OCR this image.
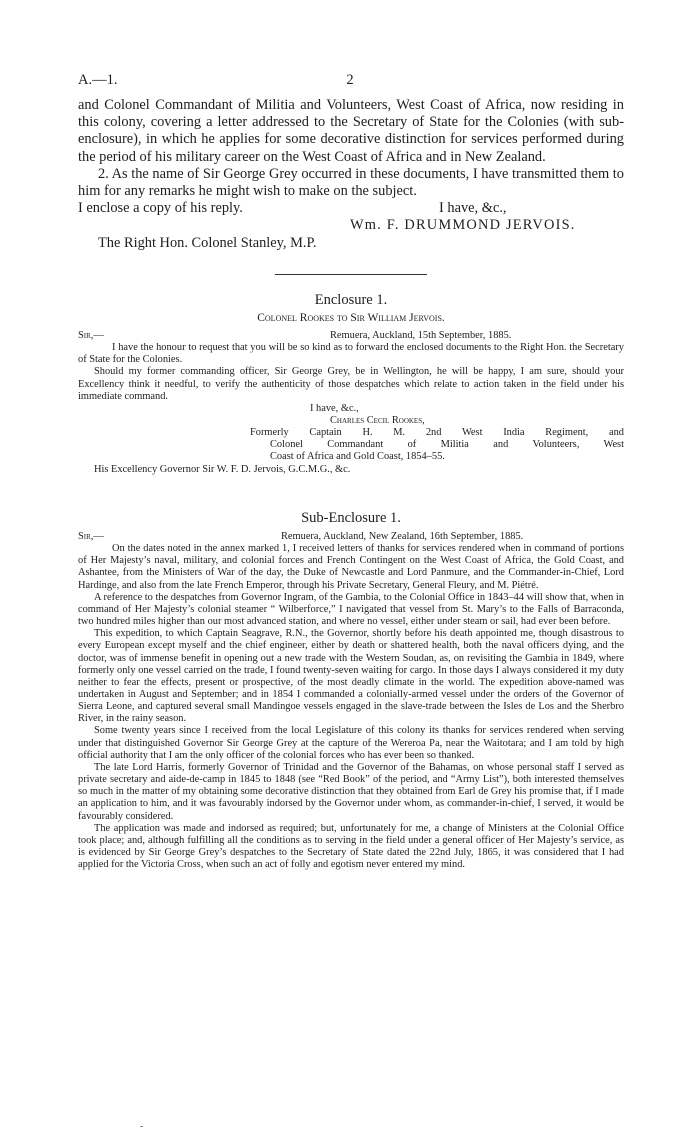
A.—1.	2

and Colonel Commandant of Militia and Volunteers, West Coast of Africa, now residing in this colony, covering a letter addressed to the Secretary of State for the Colonies (with sub-enclosure), in which he applies for some decorative distinction for services performed during the period of his military career on the West Coast of Africa and in New Zealand.

2. As the name of Sir George Grey occurred in these documents, I have transmitted them to him for any remarks he might wish to make on the subject.

I enclose a copy of his reply.	I have, &c.,
Wm. F. DRUMMOND JERVOIS.
The Right Hon. Colonel Stanley, M.P.
Enclosure 1.
Colonel Rookes to Sir William Jervois.
Sir,—	Remuera, Auckland, 15th September, 1885.

I have the honour to request that you will be so kind as to forward the enclosed documents to the Right Hon. the Secretary of State for the Colonies.

Should my former commanding officer, Sir George Grey, be in Wellington, he will be happy, I am sure, should your Excellency think it needful, to verify the authenticity of those despatches which relate to action taken in the field under his immediate command.

I have, &c.,
Charles Cecil Rookes,
Formerly Captain H. M. 2nd West India Regiment, and
Colonel Commandant of Militia and Volunteers, West
Coast of Africa and Gold Coast, 1854–55.
His Excellency Governor Sir W. F. D. Jervois, G.C.M.G., &c.
Sub-Enclosure 1.
Sir,—	Remuera, Auckland, New Zealand, 16th September, 1885.

On the dates noted in the annex marked 1, I received letters of thanks for services rendered when in command of portions of Her Majesty’s naval, military, and colonial forces and French Contingent on the West Coast of Africa, the Gold Coast, and Ashantee, from the Ministers of War of the day, the Duke of Newcastle and Lord Panmure, and the Commander-in-Chief, Lord Hardinge, and also from the late French Emperor, through his Private Secretary, General Fleury, and M. Piétré.

A reference to the despatches from Governor Ingram, of the Gambia, to the Colonial Office in 1843–44 will show that, when in command of Her Majesty’s colonial steamer “ Wilberforce,” I navigated that vessel from St. Mary’s to the Falls of Barraconda, two hundred miles higher than our most advanced station, and where no vessel, either under steam or sail, had ever been before.

This expedition, to which Captain Seagrave, R.N., the Governor, shortly before his death appointed me, though disastrous to every European except myself and the chief engineer, either by death or shattered health, both the naval officers dying, and the doctor, was of immense benefit in opening out a new trade with the Western Soudan, as, on revisiting the Gambia in 1849, where formerly only one vessel carried on the trade, I found twenty-seven waiting for cargo. In those days I always considered it my duty neither to fear the effects, present or prospective, of the most deadly climate in the world. The expedition above-named was undertaken in August and September; and in 1854 I commanded a colonially-armed vessel under the orders of the Governor of Sierra Leone, and captured several small Mandingoe vessels engaged in the slave-trade between the Isles de Los and the Sherbro River, in the rainy season.

Some twenty years since I received from the local Legislature of this colony its thanks for services rendered when serving under that distinguished Governor Sir George Grey at the capture of the Wereroa Pa, near the Waitotara; and I am told by high official authority that I am the only officer of the colonial forces who has ever been so thanked.

The late Lord Harris, formerly Governor of Trinidad and the Governor of the Bahamas, on whose personal staff I served as private secretary and aide-de-camp in 1845 to 1848 (see “Red Book” of the period, and “Army List”), both interested themselves so much in the matter of my obtaining some decorative distinction that they obtained from Earl de Grey his promise that, if I made an application to him, and it was favourably indorsed by the Governor under whom, as commander-in-chief, I served, it would be favourably considered.

The application was made and indorsed as required; but, unfortunately for me, a change of Ministers at the Colonial Office took place; and, although fulfilling all the conditions as to serving in the field under a general officer of Her Majesty’s service, as is evidenced by Sir George Grey’s despatches to the Secretary of State dated the 22nd July, 1865, it was considered that I had applied for the Victoria Cross, when such an act of folly and egotism never entered my mind.

-
